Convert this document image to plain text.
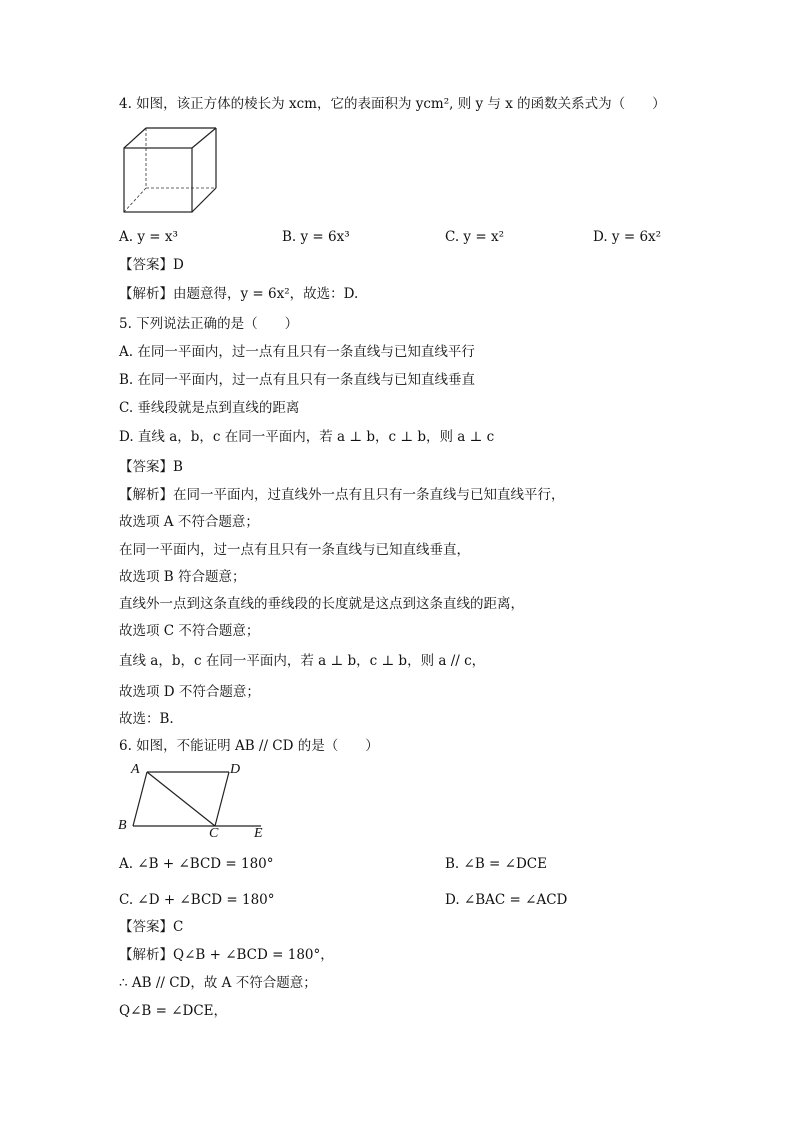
4. 如图，该正方体的棱长为 xcm，它的表面积为 ycm², 则 y 与 x 的函数关系式为（　　）
A. y = x³	B. y = 6x³	C. y = x²	D. y = 6x²
【答案】D
【解析】由题意得，y = 6x²，故选：D.
5. 下列说法正确的是（　　）
A. 在同一平面内，过一点有且只有一条直线与已知直线平行
B. 在同一平面内，过一点有且只有一条直线与已知直线垂直
C. 垂线段就是点到直线的距离
D. 直线 a，b，c 在同一平面内，若 a ⊥ b，c ⊥ b，则 a ⊥ c
【答案】B
【解析】在同一平面内，过直线外一点有且只有一条直线与已知直线平行，
故选项 A 不符合题意；
在同一平面内，过一点有且只有一条直线与已知直线垂直，
故选项 B 符合题意；
直线外一点到这条直线的垂线段的长度就是这点到这条直线的距离，
故选项 C 不符合题意；
直线 a，b，c 在同一平面内，若 a ⊥ b，c ⊥ b，则 a // c，
故选项 D 不符合题意；
故选：B.
6. 如图，不能证明 AB // CD 的是（　　）
A	D
B
C	E
A. ∠B + ∠BCD = 180°	B. ∠B = ∠DCE
C. ∠D + ∠BCD = 180°	D. ∠BAC = ∠ACD
【答案】C
【解析】Q∠B + ∠BCD = 180°，
∴ AB // CD，故 A 不符合题意；
Q∠B = ∠DCE，
